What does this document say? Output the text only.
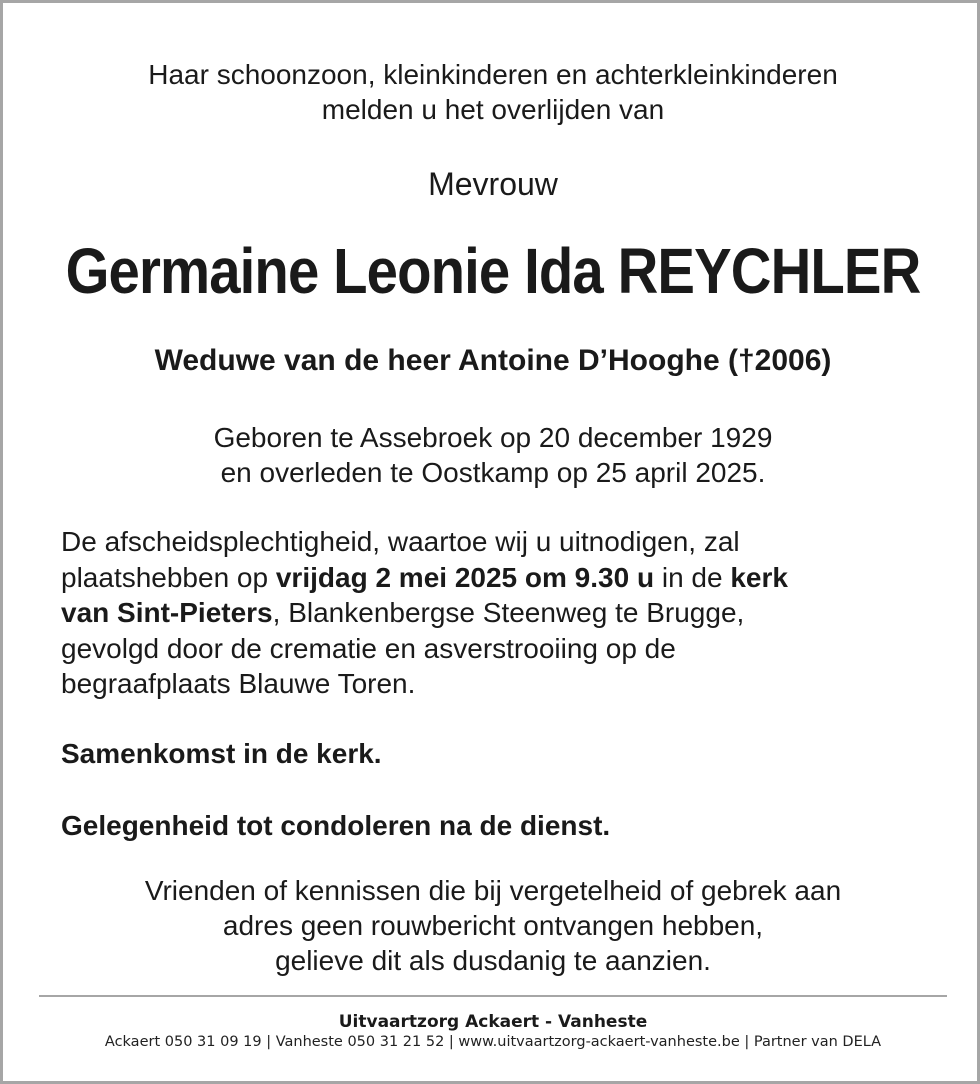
Haar schoonzoon, kleinkinderen en achterkleinkinderen
melden u het overlijden van
Mevrouw
Germaine Leonie Ida REYCHLER
Weduwe van de heer Antoine D’Hooghe (†2006)
Geboren te Assebroek op 20 december 1929
en overleden te Oostkamp op 25 april 2025.
De afscheidsplechtigheid, waartoe wij u uitnodigen, zal
plaatshebben op vrijdag 2 mei 2025 om 9.30 u in de kerk
van Sint-Pieters, Blankenbergse Steenweg te Brugge,
gevolgd door de crematie en asverstrooiing op de
begraafplaats Blauwe Toren.
Samenkomst in de kerk.
Gelegenheid tot condoleren na de dienst.
Vrienden of kennissen die bij vergetelheid of gebrek aan
adres geen rouwbericht ontvangen hebben,
gelieve dit als dusdanig te aanzien.
Uitvaartzorg Ackaert - Vanheste
Ackaert 050 31 09 19 | Vanheste 050 31 21 52 | www.uitvaartzorg-ackaert-vanheste.be | Partner van DELA
